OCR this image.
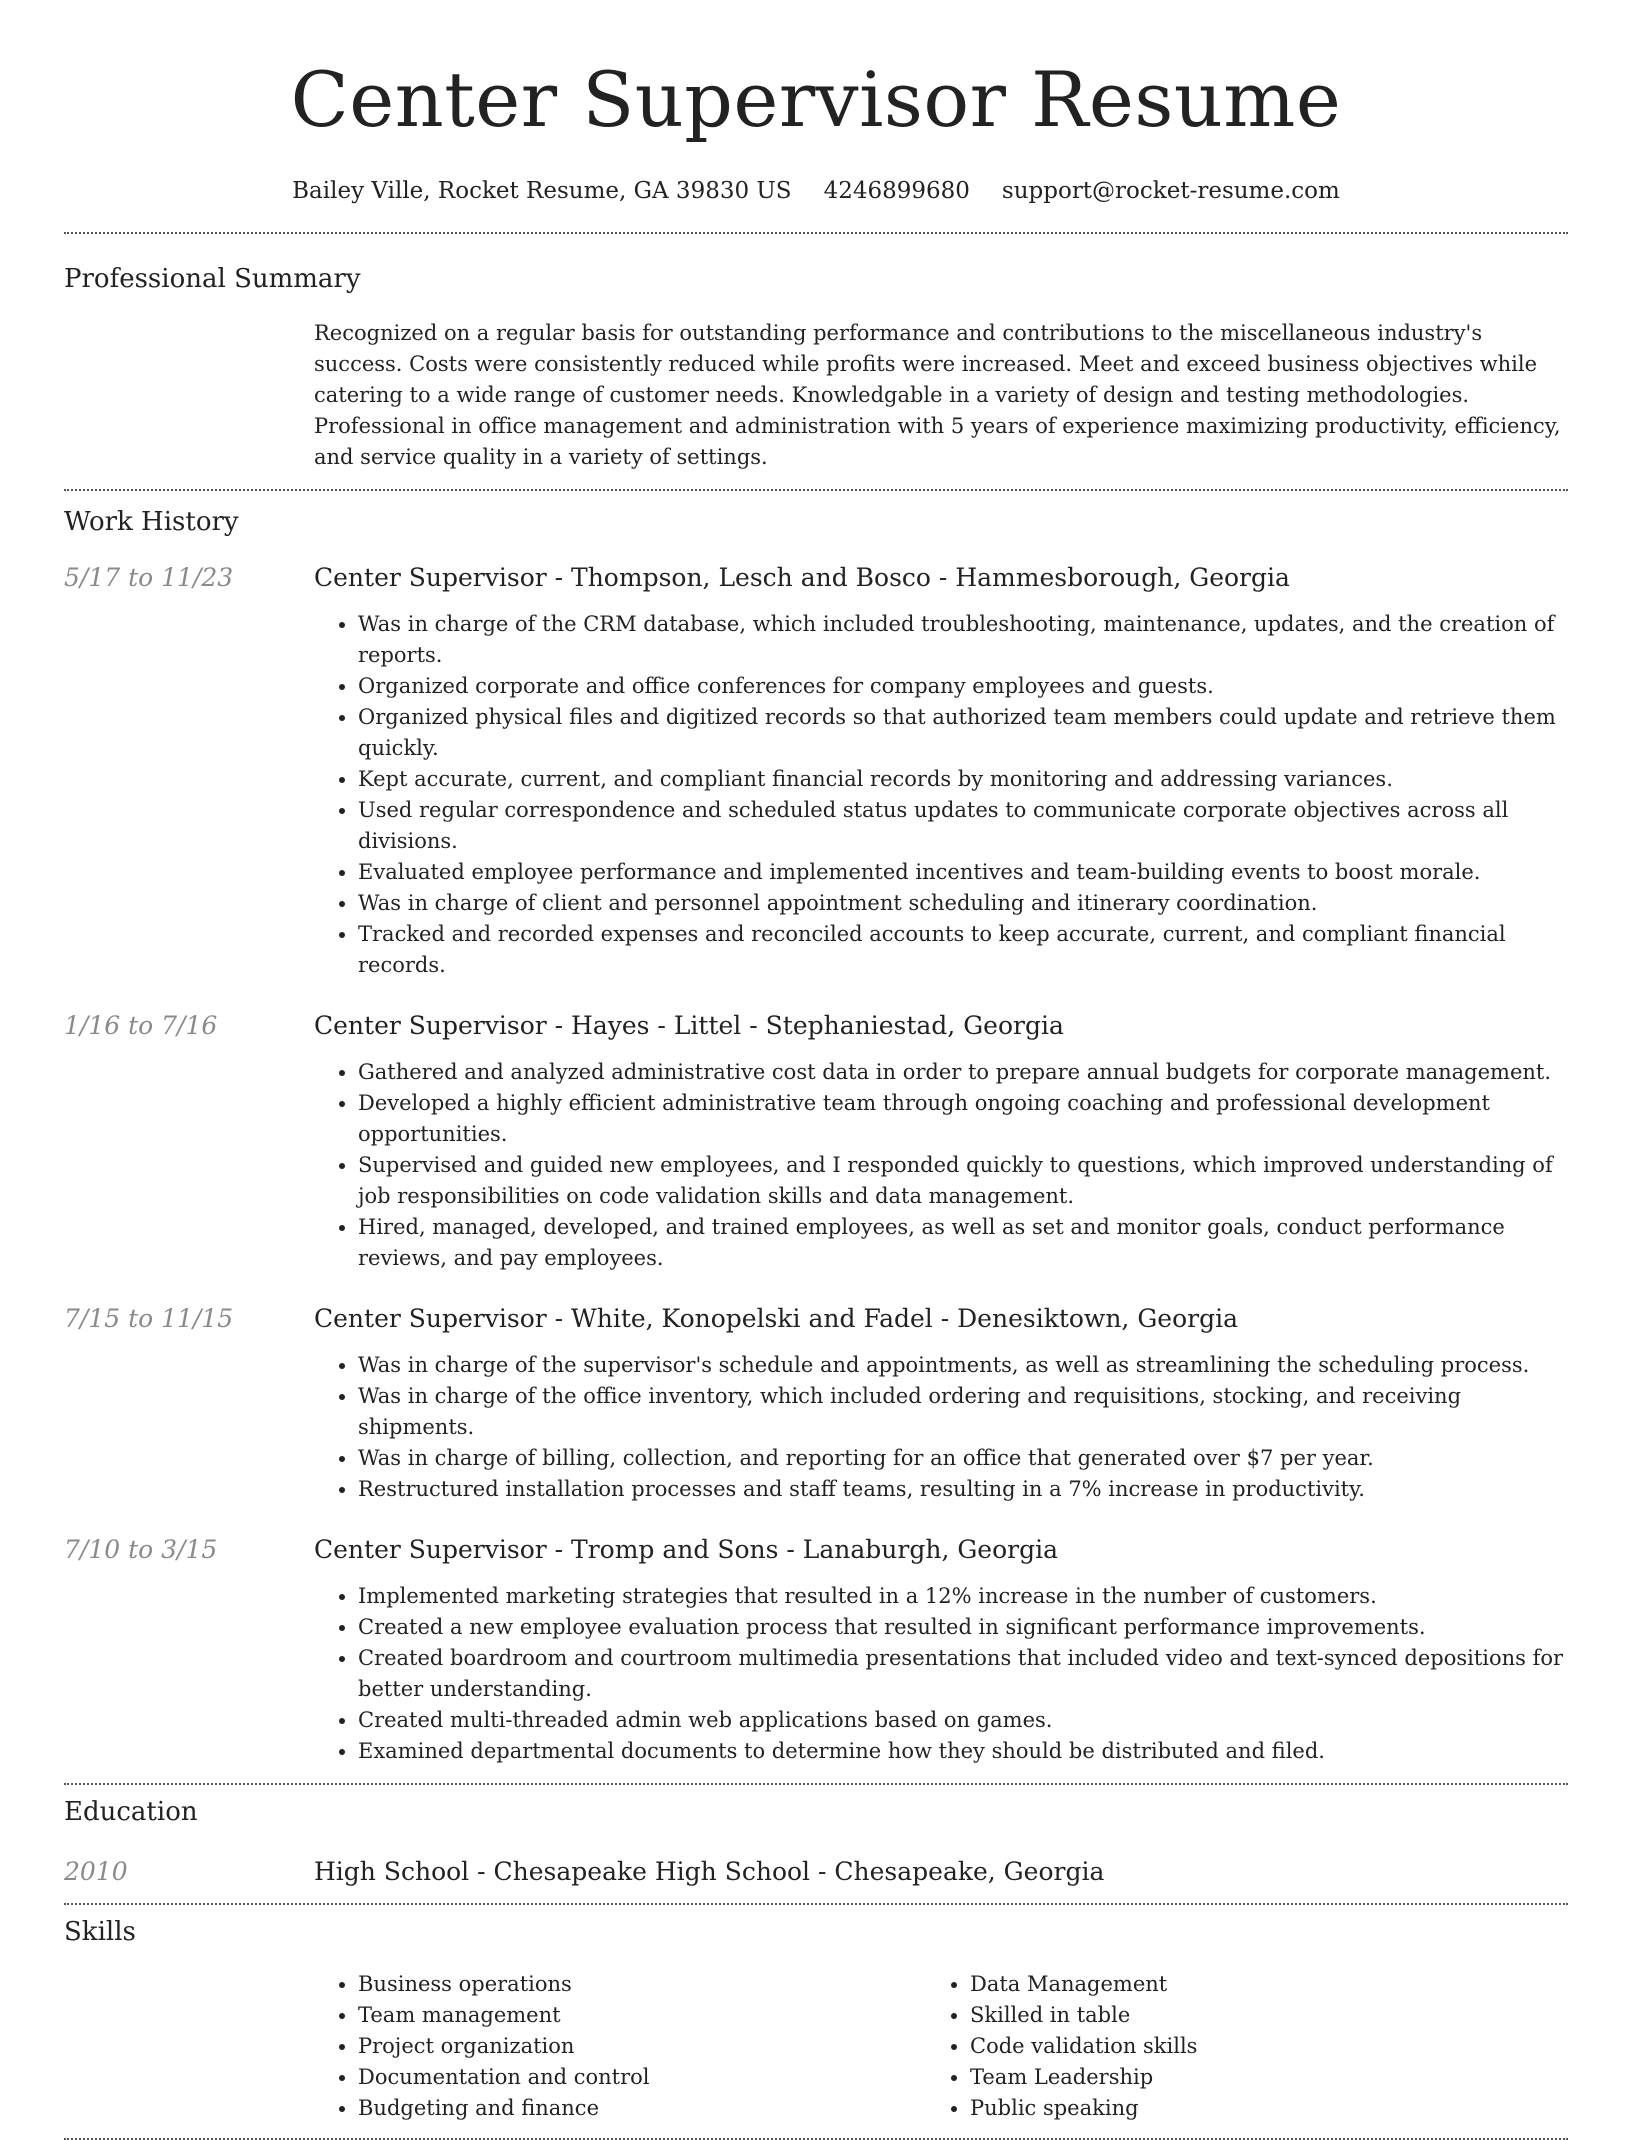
Center Supervisor Resume
Bailey Ville, Rocket Resume, GA 39830 US 4246899680 support@rocket-resume.com
Professional Summary

Recognized on a regular basis for outstanding performance and contributions to the miscellaneous industry's success. Costs were consistently reduced while profits were increased. Meet and exceed business objectives while catering to a wide range of customer needs. Knowledgable in a variety of design and testing methodologies. Professional in office management and administration with 5 years of experience maximizing productivity, efficiency, and service quality in a variety of settings.

Work History
5/17 to 11/23	Center Supervisor - Thompson, Lesch and Bosco - Hammesborough, Georgia
• Was in charge of the CRM database, which included troubleshooting, maintenance, updates, and the creation of reports.
• Organized corporate and office conferences for company employees and guests.
• Organized physical files and digitized records so that authorized team members could update and retrieve them quickly.
• Kept accurate, current, and compliant financial records by monitoring and addressing variances.
• Used regular correspondence and scheduled status updates to communicate corporate objectives across all divisions.
• Evaluated employee performance and implemented incentives and team-building events to boost morale.
• Was in charge of client and personnel appointment scheduling and itinerary coordination.
• Tracked and recorded expenses and reconciled accounts to keep accurate, current, and compliant financial records.
1/16 to 7/16	Center Supervisor - Hayes - Littel - Stephaniestad, Georgia
• Gathered and analyzed administrative cost data in order to prepare annual budgets for corporate management.
• Developed a highly efficient administrative team through ongoing coaching and professional development opportunities.
• Supervised and guided new employees, and I responded quickly to questions, which improved understanding of job responsibilities on code validation skills and data management.
• Hired, managed, developed, and trained employees, as well as set and monitor goals, conduct performance reviews, and pay employees.
7/15 to 11/15	Center Supervisor - White, Konopelski and Fadel - Denesiktown, Georgia
• Was in charge of the supervisor's schedule and appointments, as well as streamlining the scheduling process.
• Was in charge of the office inventory, which included ordering and requisitions, stocking, and receiving shipments.
• Was in charge of billing, collection, and reporting for an office that generated over $7 per year.
• Restructured installation processes and staff teams, resulting in a 7% increase in productivity.
7/10 to 3/15	Center Supervisor - Tromp and Sons - Lanaburgh, Georgia
• Implemented marketing strategies that resulted in a 12% increase in the number of customers.
• Created a new employee evaluation process that resulted in significant performance improvements.
• Created boardroom and courtroom multimedia presentations that included video and text-synced depositions for better understanding.
• Created multi-threaded admin web applications based on games.
• Examined departmental documents to determine how they should be distributed and filed.
Education
2010	High School - Chesapeake High School - Chesapeake, Georgia
Skills
• Business operations
• Team management
• Project organization
• Documentation and control
• Budgeting and finance
• Data Management
• Skilled in table
• Code validation skills
• Team Leadership
• Public speaking
